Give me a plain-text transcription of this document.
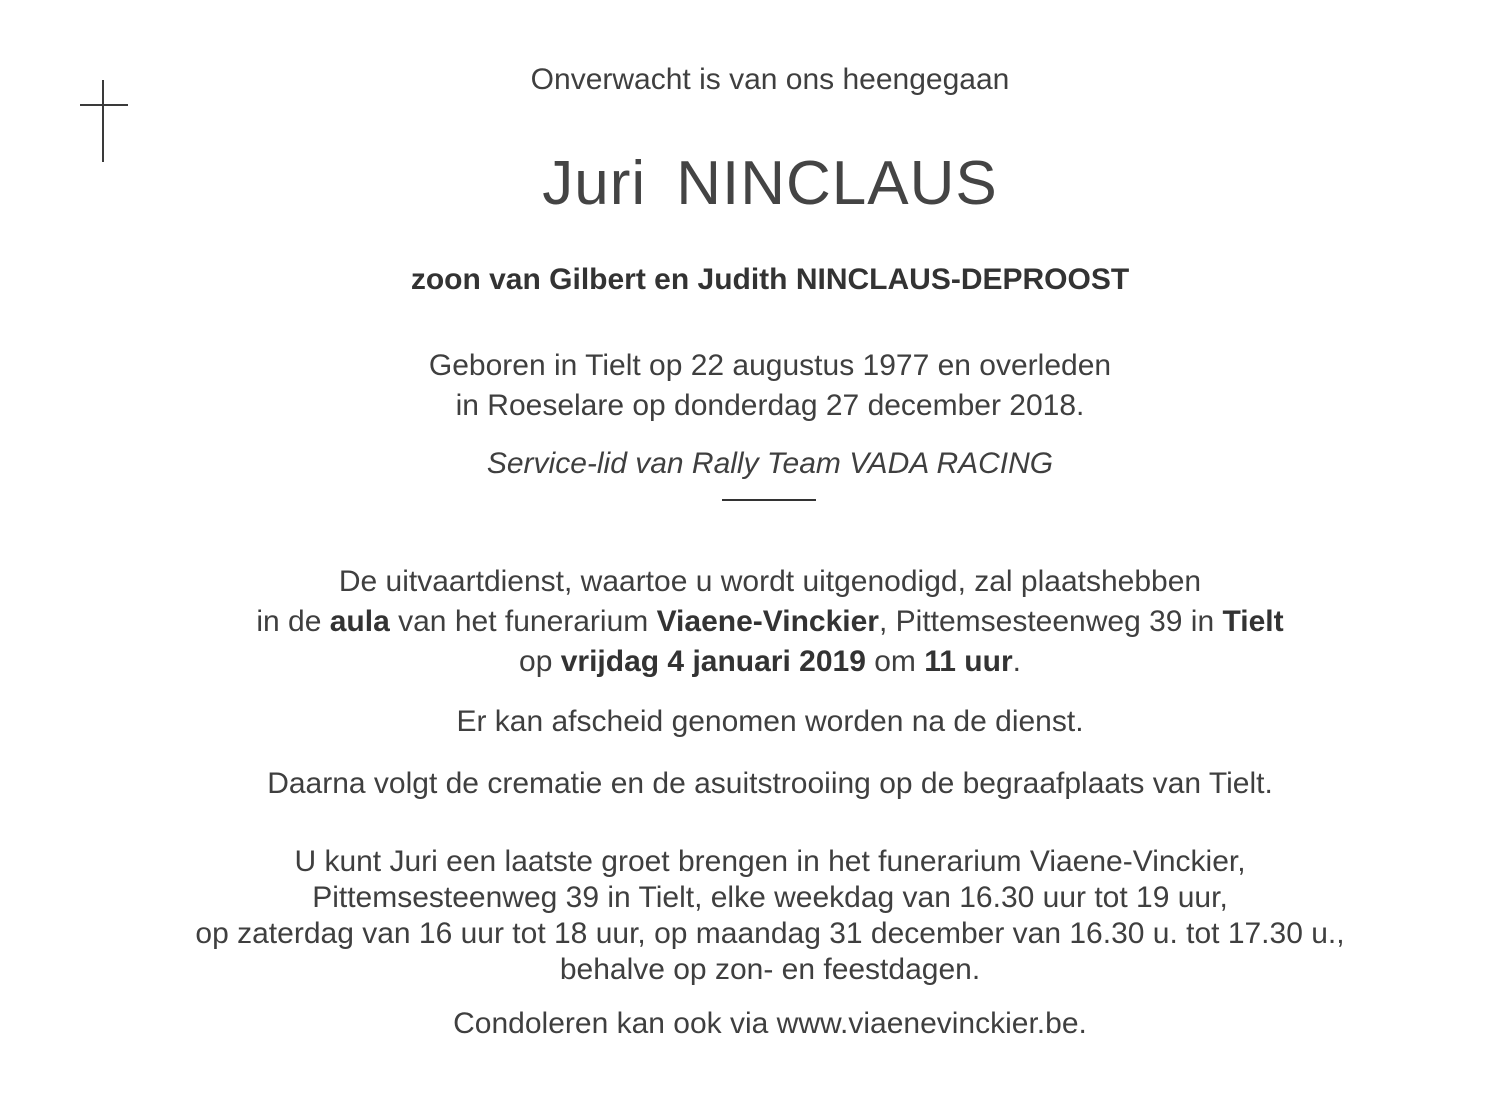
Onverwacht is van ons heengegaan
Juri NINCLAUS
zoon van Gilbert en Judith NINCLAUS-DEPROOST
Geboren in Tielt op 22 augustus 1977 en overleden
in Roeselare op donderdag 27 december 2018.
Service-lid van Rally Team VADA RACING
De uitvaartdienst, waartoe u wordt uitgenodigd, zal plaatshebben
in de aula van het funerarium Viaene-Vinckier, Pittemsesteenweg 39 in Tielt
op vrijdag 4 januari 2019 om 11 uur.
Er kan afscheid genomen worden na de dienst.
Daarna volgt de crematie en de asuitstrooiing op de begraafplaats van Tielt.
U kunt Juri een laatste groet brengen in het funerarium Viaene-Vinckier,
Pittemsesteenweg 39 in Tielt, elke weekdag van 16.30 uur tot 19 uur,
op zaterdag van 16 uur tot 18 uur, op maandag 31 december van 16.30 u. tot 17.30 u.,
behalve op zon- en feestdagen.
Condoleren kan ook via www.viaenevinckier.be.
